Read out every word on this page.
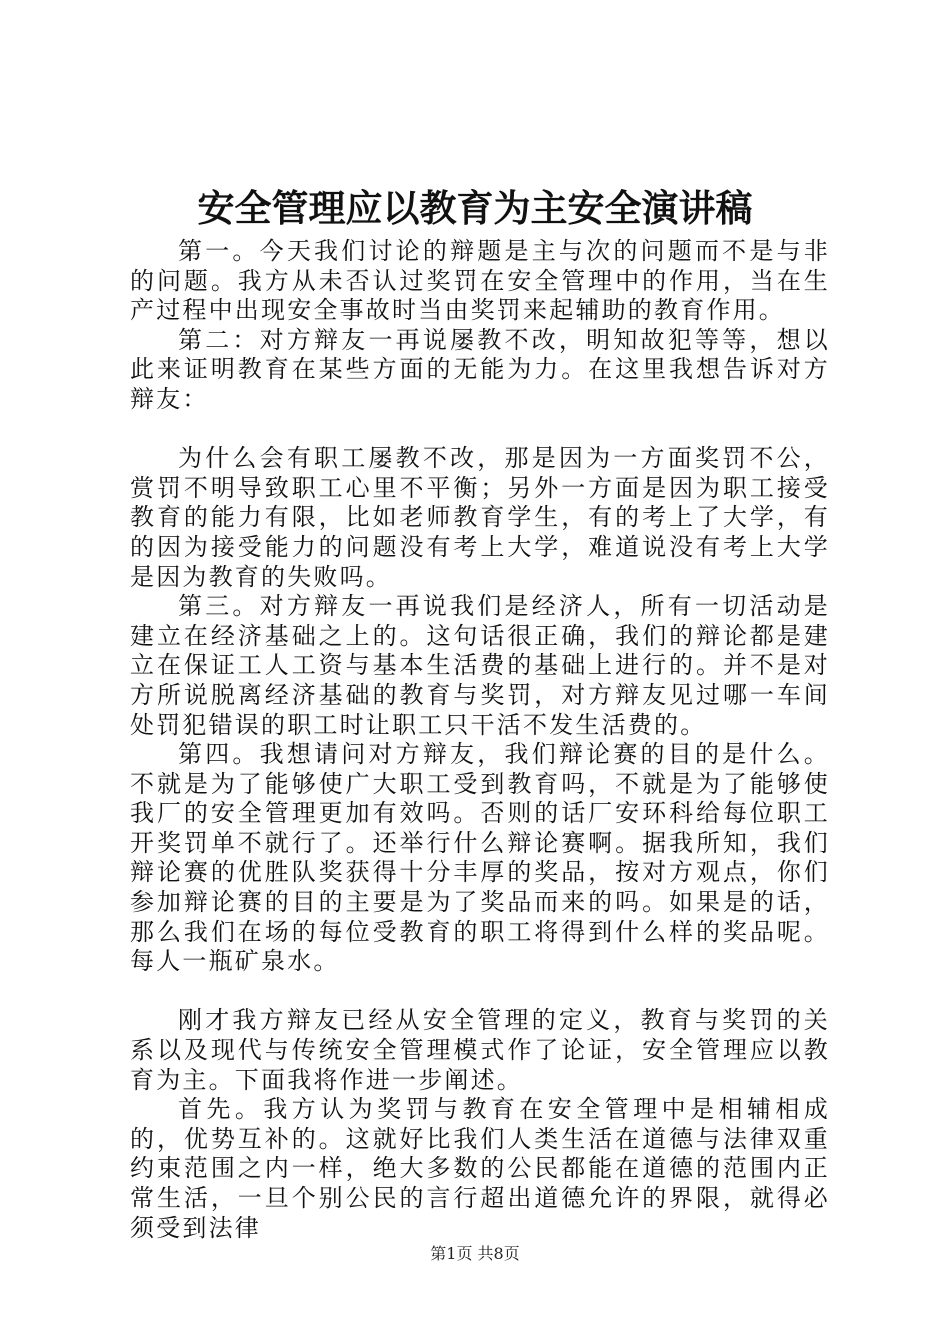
安全管理应以教育为主安全演讲稿

第一。今天我们讨论的辩题是主与次的问题而不是与非的问题。我方从未否认过奖罚在安全管理中的作用，当在生产过程中出现安全事故时当由奖罚来起辅助的教育作用。

第二：对方辩友一再说屡教不改，明知故犯等等，想以此来证明教育在某些方面的无能为力。在这里我想告诉对方辩友：

为什么会有职工屡教不改，那是因为一方面奖罚不公，赏罚不明导致职工心里不平衡；另外一方面是因为职工接受教育的能力有限，比如老师教育学生，有的考上了大学，有的因为接受能力的问题没有考上大学，难道说没有考上大学是因为教育的失败吗。

第三。对方辩友一再说我们是经济人，所有一切活动是建立在经济基础之上的。这句话很正确，我们的辩论都是建立在保证工人工资与基本生活费的基础上进行的。并不是对方所说脱离经济基础的教育与奖罚，对方辩友见过哪一车间处罚犯错误的职工时让职工只干活不发生活费的。

第四。我想请问对方辩友，我们辩论赛的目的是什么。不就是为了能够使广大职工受到教育吗，不就是为了能够使我厂的安全管理更加有效吗。否则的话厂安环科给每位职工开奖罚单不就行了。还举行什么辩论赛啊。据我所知，我们辩论赛的优胜队奖获得十分丰厚的奖品，按对方观点，你们参加辩论赛的目的主要是为了奖品而来的吗。如果是的话，那么我们在场的每位受教育的职工将得到什么样的奖品呢。每人一瓶矿泉水。

刚才我方辩友已经从安全管理的定义，教育与奖罚的关系以及现代与传统安全管理模式作了论证，安全管理应以教育为主。下面我将作进一步阐述。

首先。我方认为奖罚与教育在安全管理中是相辅相成的，优势互补的。这就好比我们人类生活在道德与法律双重约束范围之内一样，绝大多数的公民都能在道德的范围内正常生活，一旦个别公民的言行超出道德允许的界限，就得必须受到法律

第1页 共8页
